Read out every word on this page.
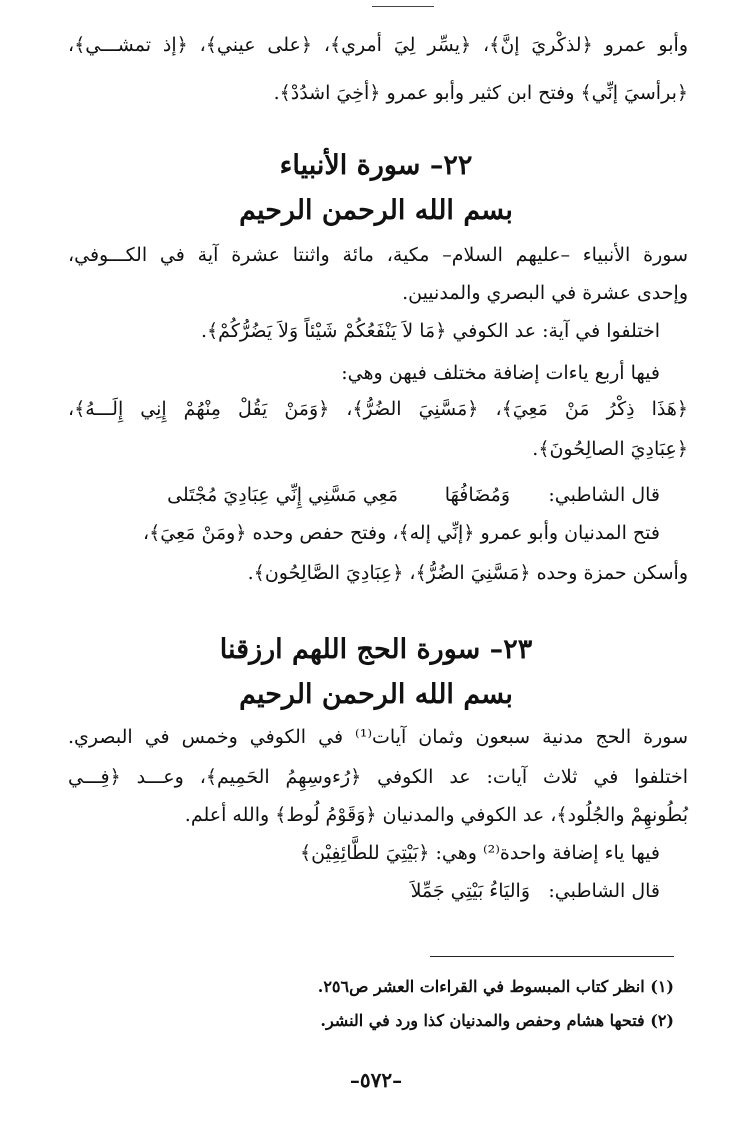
وأبو عمرو ﴿لذكْريَ إنَّ﴾، ﴿يسِّر لِيَ أمري﴾، ﴿على عيني﴾، ﴿إذ تمشـــي﴾،
﴿برأسيَ إنِّي﴾ وفتح ابن كثير وأبو عمرو ﴿أخِيَ اشدُدْ﴾.
٢٢– سورة الأنبياء
بسم الله الرحمن الرحيم
سورة الأنبياء –عليهم السلام– مكية، مائة واثنتا عشرة آية في الكـــوفي،
وإحدى عشرة في البصري والمدنيين.
اختلفوا في آية: عد الكوفي ﴿مَا لاَ يَنْفَعُكُمْ شَيْئاً وَلاَ يَضُرُّكُمْ﴾.
فيها أربع ياءات إضافة مختلف فيهن وهي:
﴿هَذَا ذِكْرُ مَنْ مَعِيَ﴾، ﴿مَسَّنِيَ الضُرُّ﴾، ﴿وَمَنْ يَقُلْ مِنْهُمْ إِنِي إِلَـــهُ﴾،
﴿عِبَادِيَ الصالِحُونَ﴾.
قال الشاطبي:
وَمُضَافُهَا
مَعِي مَسَّنِي إِنِّي عِبَادِيَ مُجْتَلى
فتح المدنيان وأبو عمرو ﴿إنِّي إله﴾، وفتح حفص وحده ﴿ومَنْ مَعِيَ﴾،
وأسكن حمزة وحده ﴿مَسَّنِيَ الضُرُّ﴾، ﴿عِبَادِيَ الصَّالِحُون﴾.
٢٣– سورة الحج اللهم ارزقنا
بسم الله الرحمن الرحيم
سورة الحج مدنية سبعون وثمان آيات⁽¹⁾ في الكوفي وخمس في البصري.
اختلفوا في ثلاث آيات: عد الكوفي ﴿رُءوسِهِمُ الحَمِيم﴾، وعـــد ﴿فِـــي
بُطُونهِمْ والجُلُود﴾، عد الكوفي والمدنيان ﴿وَقَوْمُ لُوط﴾ والله أعلم.
فيها ياء إضافة واحدة⁽²⁾ وهي: ﴿بَيْتِيَ للطَّائِفِيْن﴾
قال الشاطبي:
وَاليَاءُ بَيْتِي جَمِّلاَ
(١) انظر كتاب المبسوط في القراءات العشر ص٢٥٦.
(٢) فتحها هشام وحفص والمدنيان كذا ورد في النشر.
–٥٧٢–
